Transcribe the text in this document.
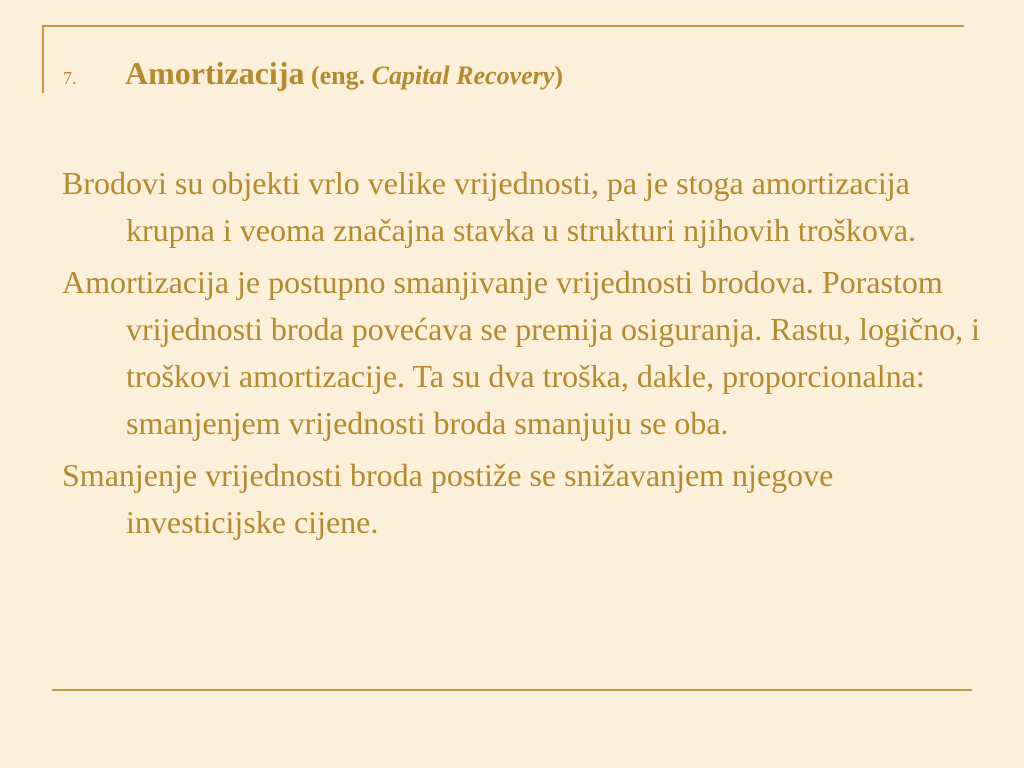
7. Amortizacija (eng. Capital Recovery)

Brodovi su objekti vrlo velike vrijednosti, pa je stoga amortizacija krupna i veoma značajna stavka u strukturi njihovih troškova.

Amortizacija je postupno smanjivanje vrijednosti brodova. Porastom vrijednosti broda povećava se premija osiguranja. Rastu, logično, i troškovi amortizacije. Ta su dva troška, dakle, proporcionalna: smanjenjem vrijednosti broda smanjuju se oba.

Smanjenje vrijednosti broda postiže se snižavanjem njegove investicijske cijene.
